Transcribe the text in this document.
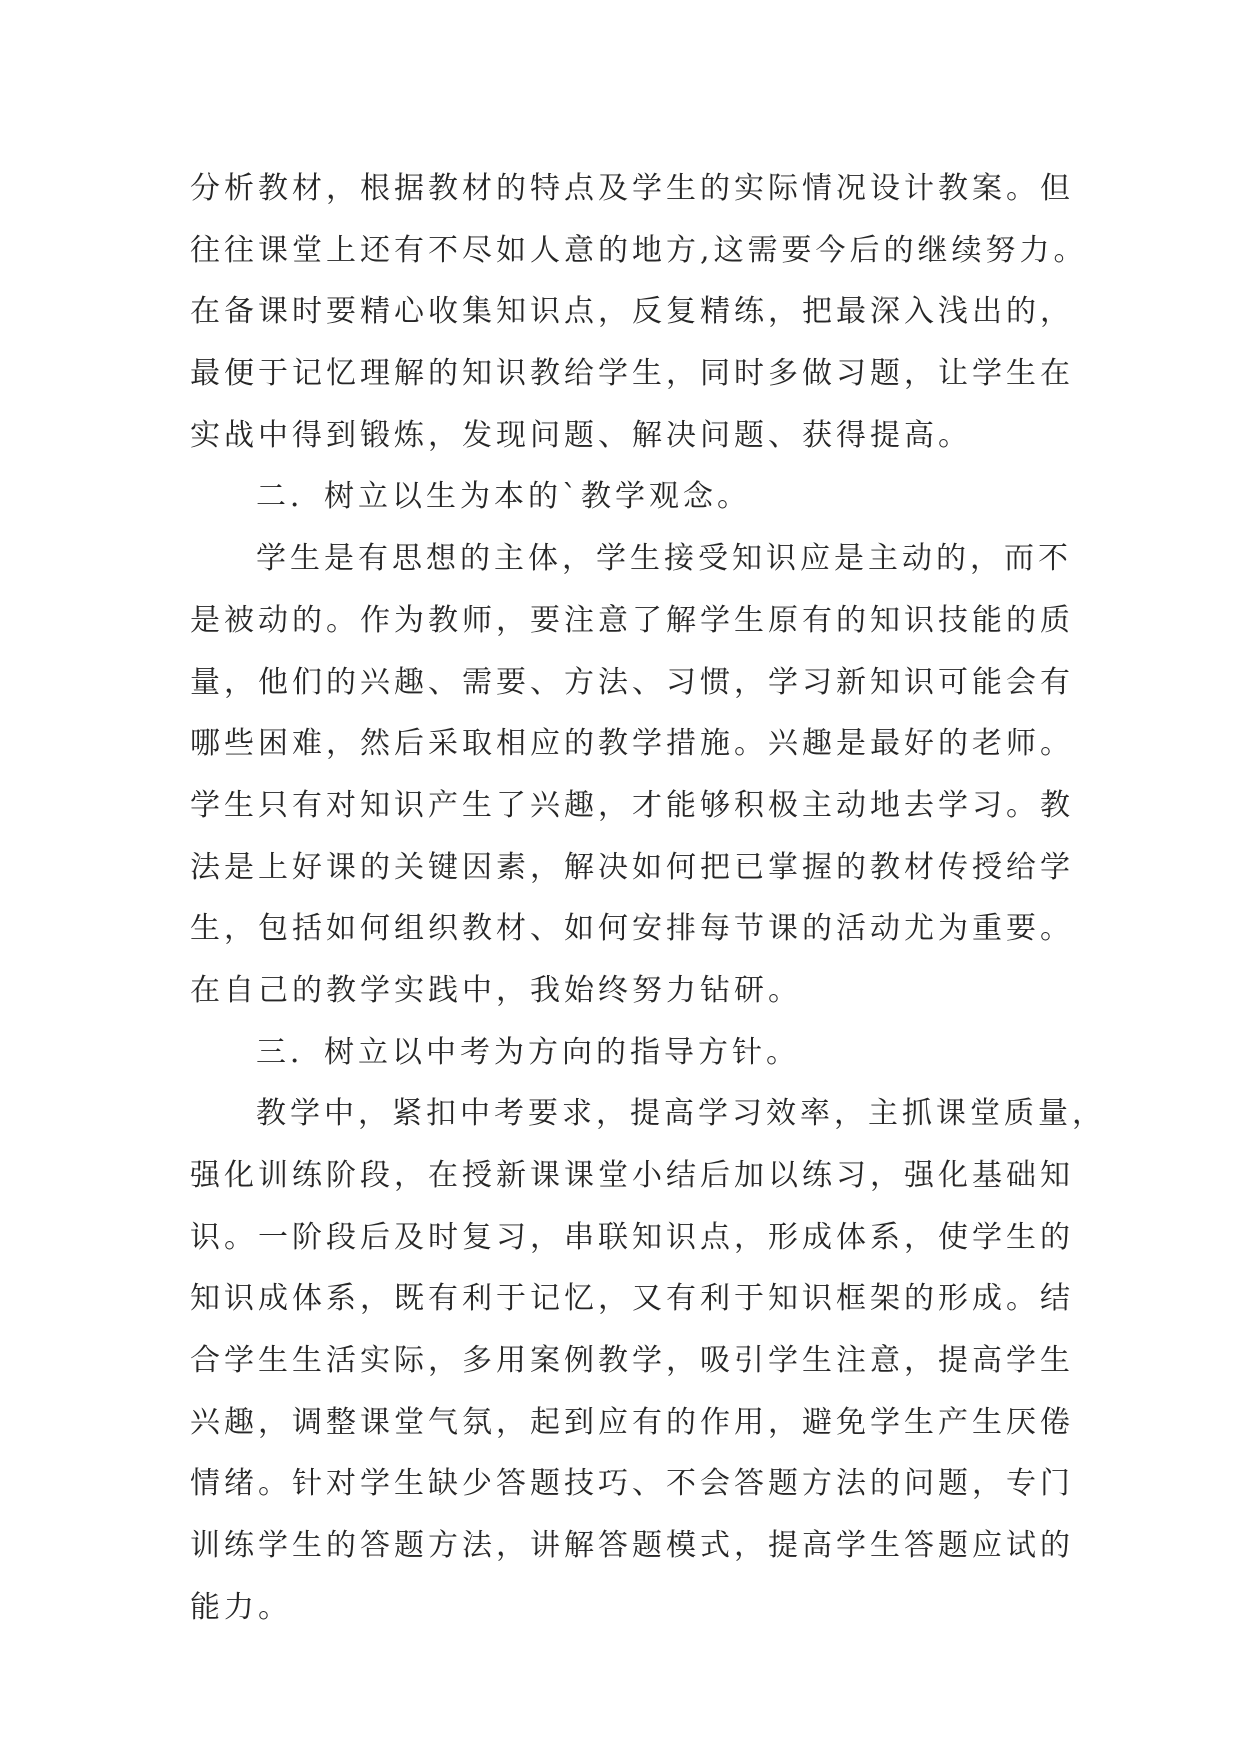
分析教材，根据教材的特点及学生的实际情况设计教案。但
往往课堂上还有不尽如人意的地方,这需要今后的继续努力。
在备课时要精心收集知识点，反复精练，把最深入浅出的，
最便于记忆理解的知识教给学生，同时多做习题，让学生在
实战中得到锻炼，发现问题、解决问题、获得提高。
二．树立以生为本的`教学观念。
学生是有思想的主体，学生接受知识应是主动的，而不
是被动的。作为教师，要注意了解学生原有的知识技能的质
量，他们的兴趣、需要、方法、习惯，学习新知识可能会有
哪些困难，然后采取相应的教学措施。兴趣是最好的老师。
学生只有对知识产生了兴趣，才能够积极主动地去学习。教
法是上好课的关键因素，解决如何把已掌握的教材传授给学
生，包括如何组织教材、如何安排每节课的活动尤为重要。
在自己的教学实践中，我始终努力钻研。
三．树立以中考为方向的指导方针。
教学中，紧扣中考要求，提高学习效率，主抓课堂质量，
强化训练阶段，在授新课课堂小结后加以练习，强化基础知
识。一阶段后及时复习，串联知识点，形成体系，使学生的
知识成体系，既有利于记忆，又有利于知识框架的形成。结
合学生生活实际，多用案例教学，吸引学生注意，提高学生
兴趣，调整课堂气氛，起到应有的作用，避免学生产生厌倦
情绪。针对学生缺少答题技巧、不会答题方法的问题，专门
训练学生的答题方法，讲解答题模式，提高学生答题应试的
能力。
